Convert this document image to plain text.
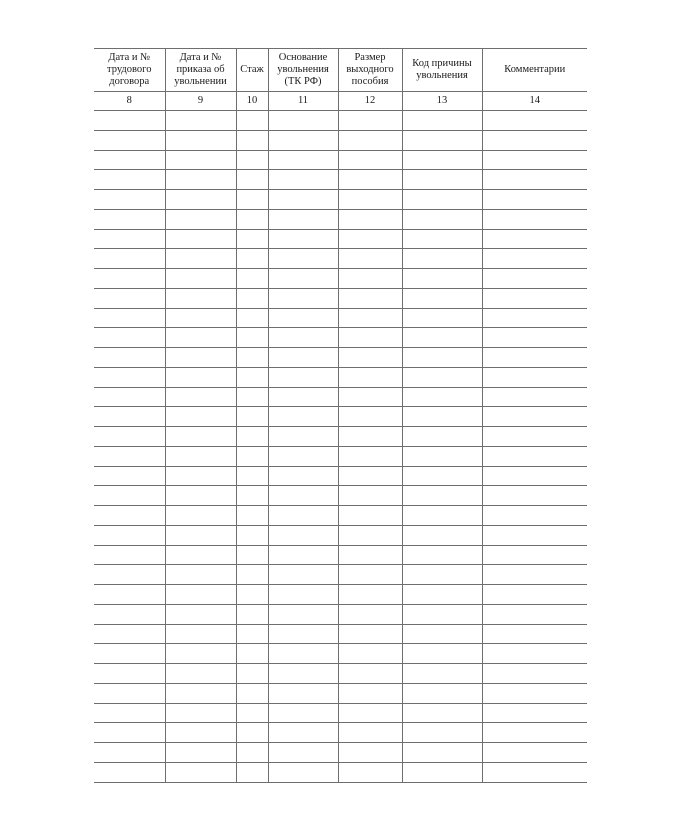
Дата и № трудового договора	Дата и № приказа об увольнении	Стаж	Основание увольнения (ТК РФ)	Размер выходного пособия	Код причины увольнения	Комментарии
8	9	10	11	12	13	14
